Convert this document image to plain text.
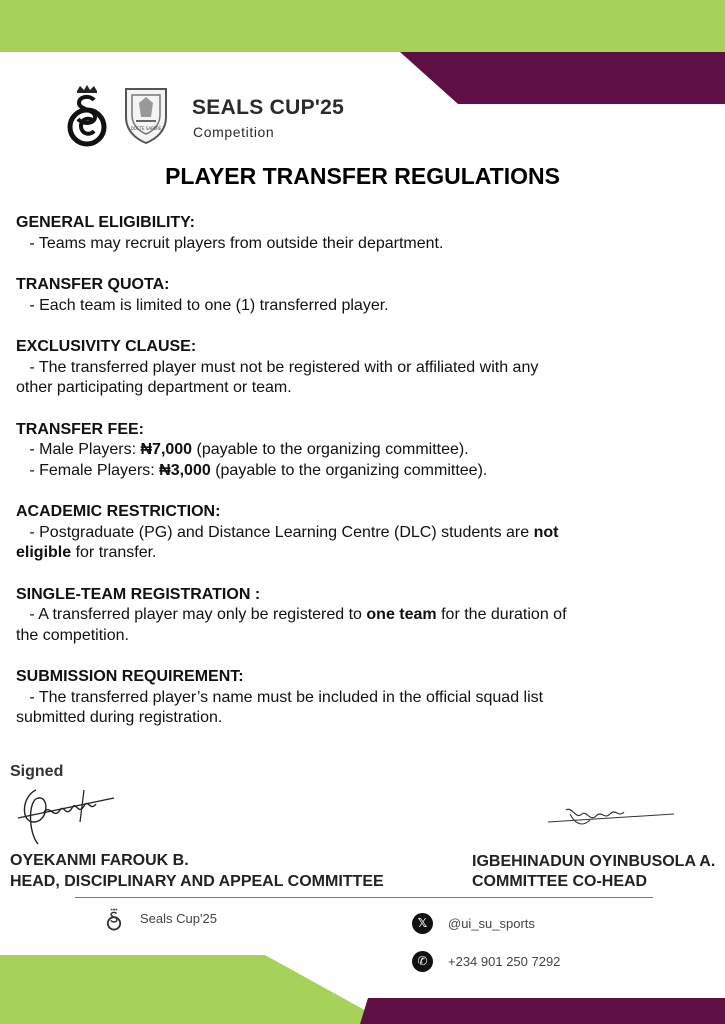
DOCTE SAPERE
SEALS CUP'25
Competition
PLAYER TRANSFER REGULATIONS
GENERAL ELIGIBILITY:
- Teams may recruit players from outside their department.
TRANSFER QUOTA:
- Each team is limited to one (1) transferred player.
EXCLUSIVITY CLAUSE:
- The transferred player must not be registered with or affiliated with any
other participating department or team.
TRANSFER FEE:
- Male Players: ₦7,000 (payable to the organizing committee).
- Female Players: ₦3,000 (payable to the organizing committee).
ACADEMIC RESTRICTION:
- Postgraduate (PG) and Distance Learning Centre (DLC) students are not
eligible for transfer.
SINGLE-TEAM REGISTRATION :
- A transferred player may only be registered to one team for the duration of
the competition.
SUBMISSION REQUIREMENT:
- The transferred player’s name must be included in the official squad list
submitted during registration.
Signed
OYEKANMI FAROUK B.
HEAD, DISCIPLINARY AND APPEAL COMMITTEE
IGBEHINADUN OYINBUSOLA A.
COMMITTEE CO-HEAD
Seals Cup'25	𝕏	@ui_su_sports
✆	+234 901 250 7292
